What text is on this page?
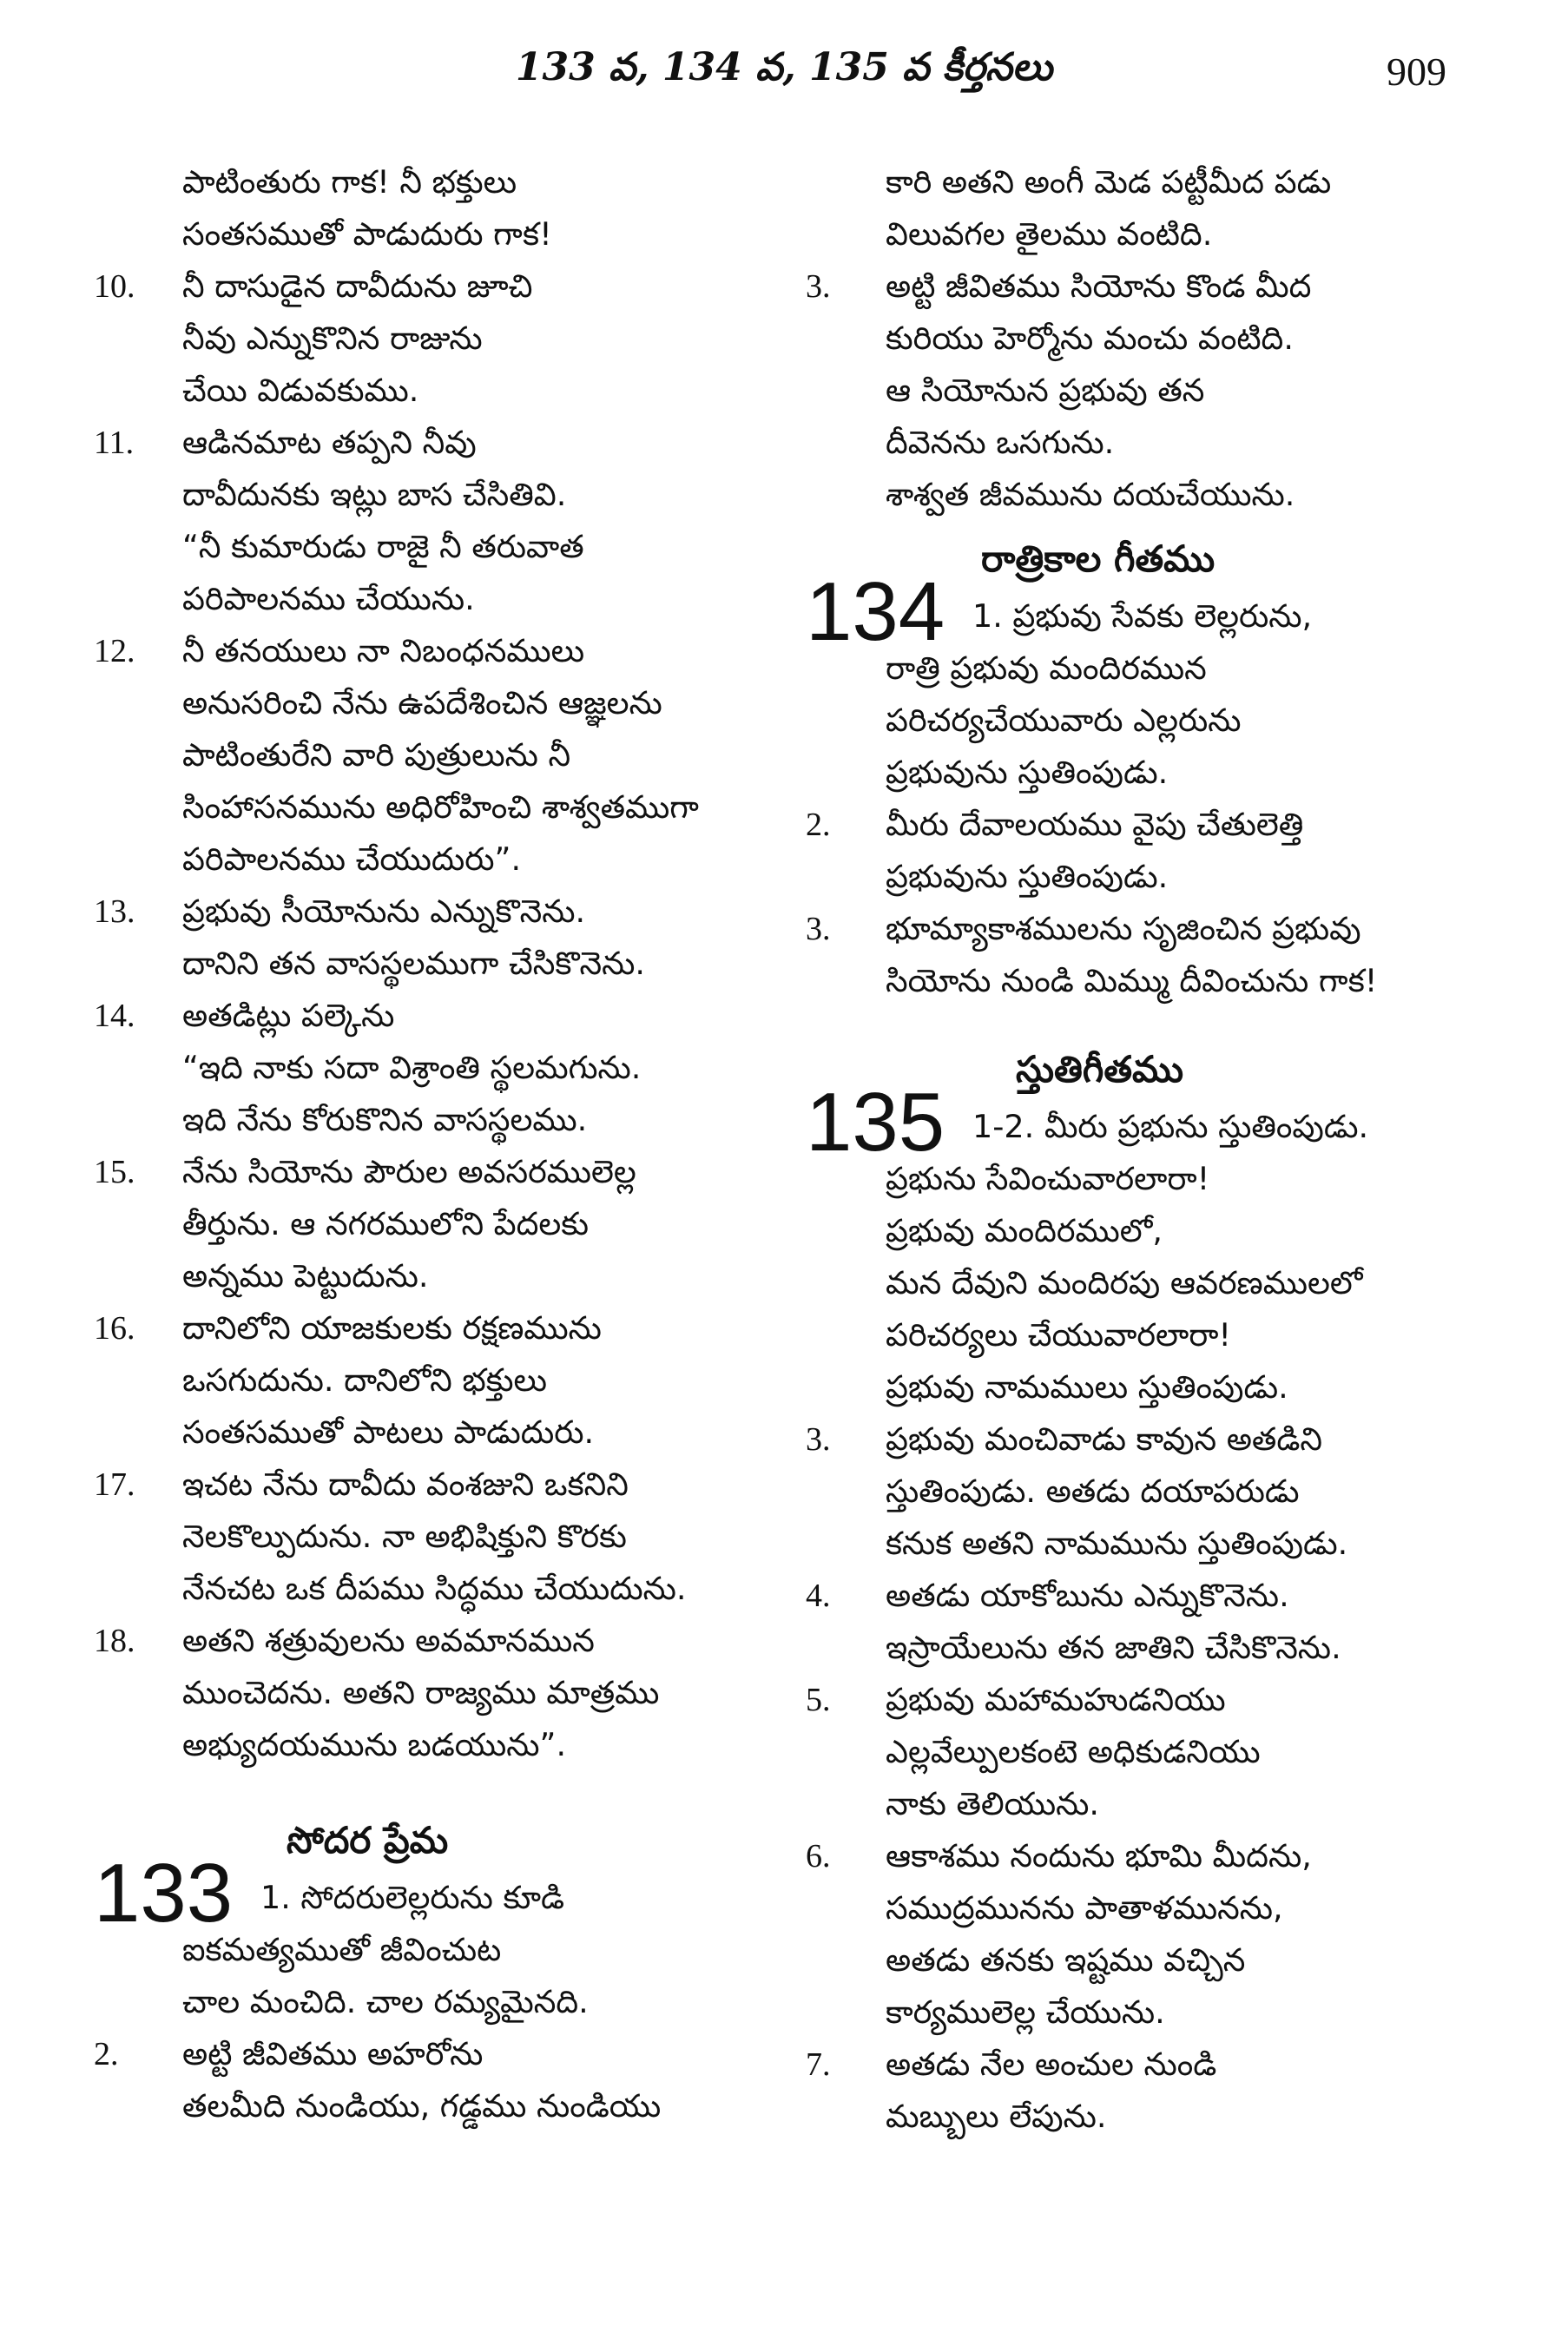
133 వ, 134 వ, 135 వ కీర్తనలు	909
పాటింతురు గాక! నీ భక్తులు
సంతసముతో పాడుదురు గాక!
10.	నీ దాసుడైన దావీదును జూచి
నీవు ఎన్నుకొనిన రాజును
చేయి విడువకుము.
11.	ఆడినమాట తప్పని నీవు
దావీదునకు ఇట్లు బాస చేసితివి.
“నీ కుమారుడు రాజై నీ తరువాత
పరిపాలనము చేయును.
12.	నీ తనయులు నా నిబంధనములు
అనుసరించి నేను ఉపదేశించిన ఆజ్ఞలను
పాటింతురేని వారి పుత్రులును నీ
సింహాసనమును అధిరోహించి శాశ్వతముగా
పరిపాలనము చేయుదురు”.
13.	ప్రభువు సీయోనును ఎన్నుకొనెను.
దానిని తన వాసస్థలముగా చేసికొనెను.
14.	అతడిట్లు పల్కెను
“ఇది నాకు సదా విశ్రాంతి స్థలమగును.
ఇది నేను కోరుకొనిన వాసస్థలము.
15.	నేను సియోను పౌరుల అవసరములెల్ల
తీర్తును. ఆ నగరములోని పేదలకు
అన్నము పెట్టుదును.
16.	దానిలోని యాజకులకు రక్షణమును
ఒసగుదును. దానిలోని భక్తులు
సంతసముతో పాటలు పాడుదురు.
17.	ఇచట నేను దావీదు వంశజుని ఒకనిని
నెలకొల్పుదును. నా అభిషిక్తుని కొరకు
నేనచట ఒక దీపము సిద్ధము చేయుదును.
18.	అతని శత్రువులను అవమానమున
ముంచెదను. అతని రాజ్యము మాత్రము
అభ్యుదయమును బడయును”.
సోదర ప్రేమ
133 1. సోదరులెల్లరును కూడి
ఐకమత్యముతో జీవించుట
చాల మంచిది. చాల రమ్యమైనది.
2.	అట్టి జీవితము అహరోను
తలమీది నుండియు, గడ్డము నుండియు
కారి అతని అంగీ మెడ పట్టీమీద పడు
విలువగల తైలము వంటిది.
3.	అట్టి జీవితము సియోను కొండ మీద
కురియు హెర్మోను మంచు వంటిది.
ఆ సియోనున ప్రభువు తన
దీవెనను ఒసగును.
శాశ్వత జీవమును దయచేయును.
రాత్రికాల గీతము
134 1. ప్రభువు సేవకు లెల్లరును,
రాత్రి ప్రభువు మందిరమున
పరిచర్యచేయువారు ఎల్లరును
ప్రభువును స్తుతింపుడు.
2.	మీరు దేవాలయము వైపు చేతులెత్తి
ప్రభువును స్తుతింపుడు.
3.	భూమ్యాకాశములను సృజించిన ప్రభువు
సియోను నుండి మిమ్ము దీవించును గాక!
స్తుతిగీతము
135 1-2. మీరు ప్రభును స్తుతింపుడు.
ప్రభును సేవించువారలారా!
ప్రభువు మందిరములో,
మన దేవుని మందిరపు ఆవరణములలో
పరిచర్యలు చేయువారలారా!
ప్రభువు నామములు స్తుతింపుడు.
3.	ప్రభువు మంచివాడు కావున అతడిని
స్తుతింపుడు. అతడు దయాపరుడు
కనుక అతని నామమును స్తుతింపుడు.
4.	అతడు యాకోబును ఎన్నుకొనెను.
ఇస్రాయేలును తన జాతిని చేసికొనెను.
5.	ప్రభువు మహామహుడనియు
ఎల్లవేల్పులకంటె అధికుడనియు
నాకు తెలియును.
6.	ఆకాశము నందును భూమి మీదను,
సముద్రమునను పాతాళమునను,
అతడు తనకు ఇష్టము వచ్చిన
కార్యములెల్ల చేయును.
7.	అతడు నేల అంచుల నుండి
మబ్బులు లేపును.
